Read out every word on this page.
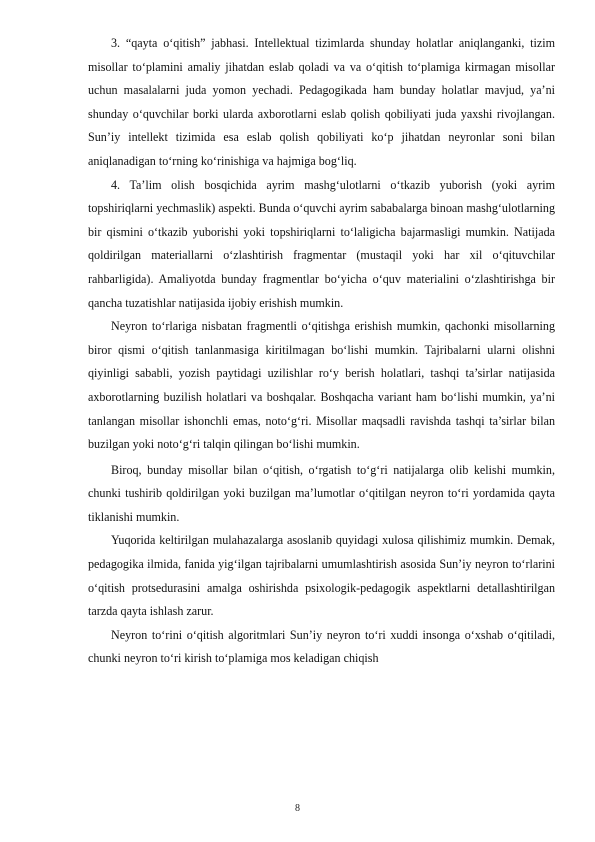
3. “qayta o‘qitish” jabhasi. Intellektual tizimlarda shunday holatlar aniqlanganki, tizim misollar to‘plamini amaliy jihatdan eslab qoladi va va o‘qitish to‘plamiga kirmagan misollar uchun masalalarni juda yomon yechadi. Pedagogikada ham bunday holatlar mavjud, ya’ni shunday o‘quvchilar borki ularda axborotlarni eslab qolish qobiliyati juda yaxshi rivojlangan. Sun’iy intellekt tizimida esa eslab qolish qobiliyati ko‘p jihatdan neyronlar soni bilan aniqlanadigan to‘rning ko‘rinishiga va hajmiga bog‘liq.

4. Ta’lim olish bosqichida ayrim mashg‘ulotlarni o‘tkazib yuborish (yoki ayrim topshiriqlarni yechmaslik) aspekti. Bunda o‘quvchi ayrim sababalarga binoan mashg‘ulotlarning bir qismini o‘tkazib yuborishi yoki topshiriqlarni to‘laligicha bajarmasligi mumkin. Natijada qoldirilgan materiallarni o‘zlashtirish fragmentar (mustaqil yoki har xil o‘qituvchilar rahbarligida). Amaliyotda bunday fragmentlar bo‘yicha o‘quv materialini o‘zlashtirishga bir qancha tuzatishlar natijasida ijobiy erishish mumkin.

Neyron to‘rlariga nisbatan fragmentli o‘qitishga erishish mumkin, qachonki misollarning biror qismi o‘qitish tanlanmasiga kiritilmagan bo‘lishi mumkin. Tajribalarni ularni olishni qiyinligi sababli, yozish paytidagi uzilishlar ro‘y berish holatlari, tashqi ta’sirlar natijasida axborotlarning buzilish holatlari va boshqalar. Boshqacha variant ham bo‘lishi mumkin, ya’ni tanlangan misollar ishonchli emas, noto‘g‘ri. Misollar maqsadli ravishda tashqi ta’sirlar bilan buzilgan yoki noto‘g‘ri talqin qilingan bo‘lishi mumkin.

Biroq, bunday misollar bilan o‘qitish, o‘rgatish to‘g‘ri natijalarga olib kelishi mumkin, chunki tushirib qoldirilgan yoki buzilgan ma’lumotlar o‘qitilgan neyron to‘ri yordamida qayta tiklanishi mumkin.

Yuqorida keltirilgan mulahazalarga asoslanib quyidagi xulosa qilishimiz mumkin. Demak, pedagogika ilmida, fanida yig‘ilgan tajribalarni umumlashtirish asosida Sun’iy neyron to‘rlarini o‘qitish protsedurasini amalga oshirishda psixologik-pedagogik aspektlarni detallashtirilgan tarzda qayta ishlash zarur.

Neyron to‘rini o‘qitish algoritmlari Sun’iy neyron to‘ri xuddi insonga o‘xshab o‘qitiladi, chunki neyron to‘ri kirish to‘plamiga mos keladigan chiqish

8
